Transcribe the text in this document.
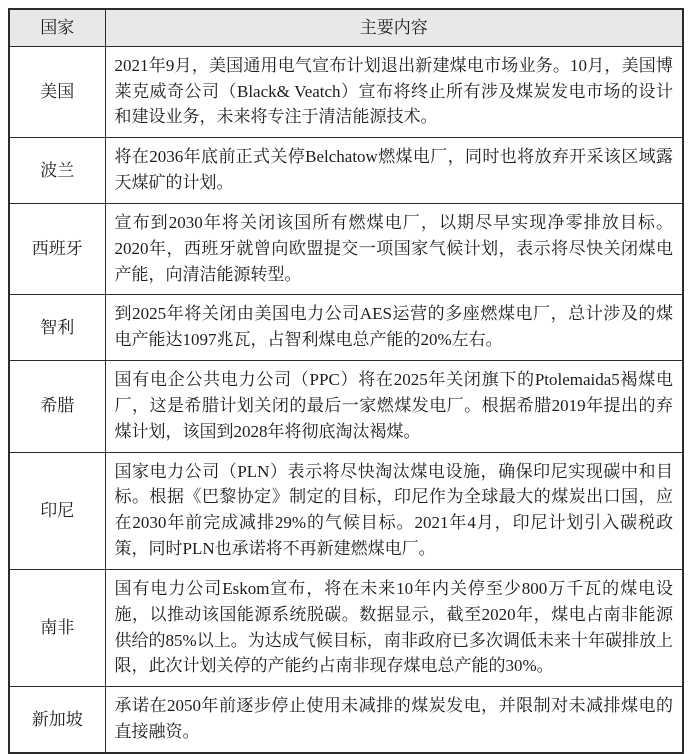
国家	主要内容
美国	2021年9月，美国通用电气宣布计划退出新建煤电市场业务。10月，美国博莱克威奇公司（Black& Veatch）宣布将终止所有涉及煤炭发电市场的设计和建设业务，未来将专注于清洁能源技术。
波兰	将在2036年底前正式关停Belchatow燃煤电厂，同时也将放弃开采该区域露天煤矿的计划。
西班牙	宣布到2030年将关闭该国所有燃煤电厂，以期尽早实现净零排放目标。2020年，西班牙就曾向欧盟提交一项国家气候计划，表示将尽快关闭煤电产能，向清洁能源转型。
智利	到2025年将关闭由美国电力公司AES运营的多座燃煤电厂，总计涉及的煤电产能达1097兆瓦，占智利煤电总产能的20%左右。
希腊	国有电企公共电力公司（PPC）将在2025年关闭旗下的Ptolemaida5褐煤电厂，这是希腊计划关闭的最后一家燃煤发电厂。根据希腊2019年提出的弃煤计划，该国到2028年将彻底淘汰褐煤。
印尼	国家电力公司（PLN）表示将尽快淘汰煤电设施，确保印尼实现碳中和目标。根据《巴黎协定》制定的目标，印尼作为全球最大的煤炭出口国，应在2030年前完成减排29%的气候目标。2021年4月，印尼计划引入碳税政策，同时PLN也承诺将不再新建燃煤电厂。
南非	国有电力公司Eskom宣布，将在未来10年内关停至少800万千瓦的煤电设施，以推动该国能源系统脱碳。数据显示，截至2020年，煤电占南非能源供给的85%以上。为达成气候目标，南非政府已多次调低未来十年碳排放上限，此次计划关停的产能约占南非现存煤电总产能的30%。
新加坡	承诺在2050年前逐步停止使用未减排的煤炭发电，并限制对未减排煤电的直接融资。
